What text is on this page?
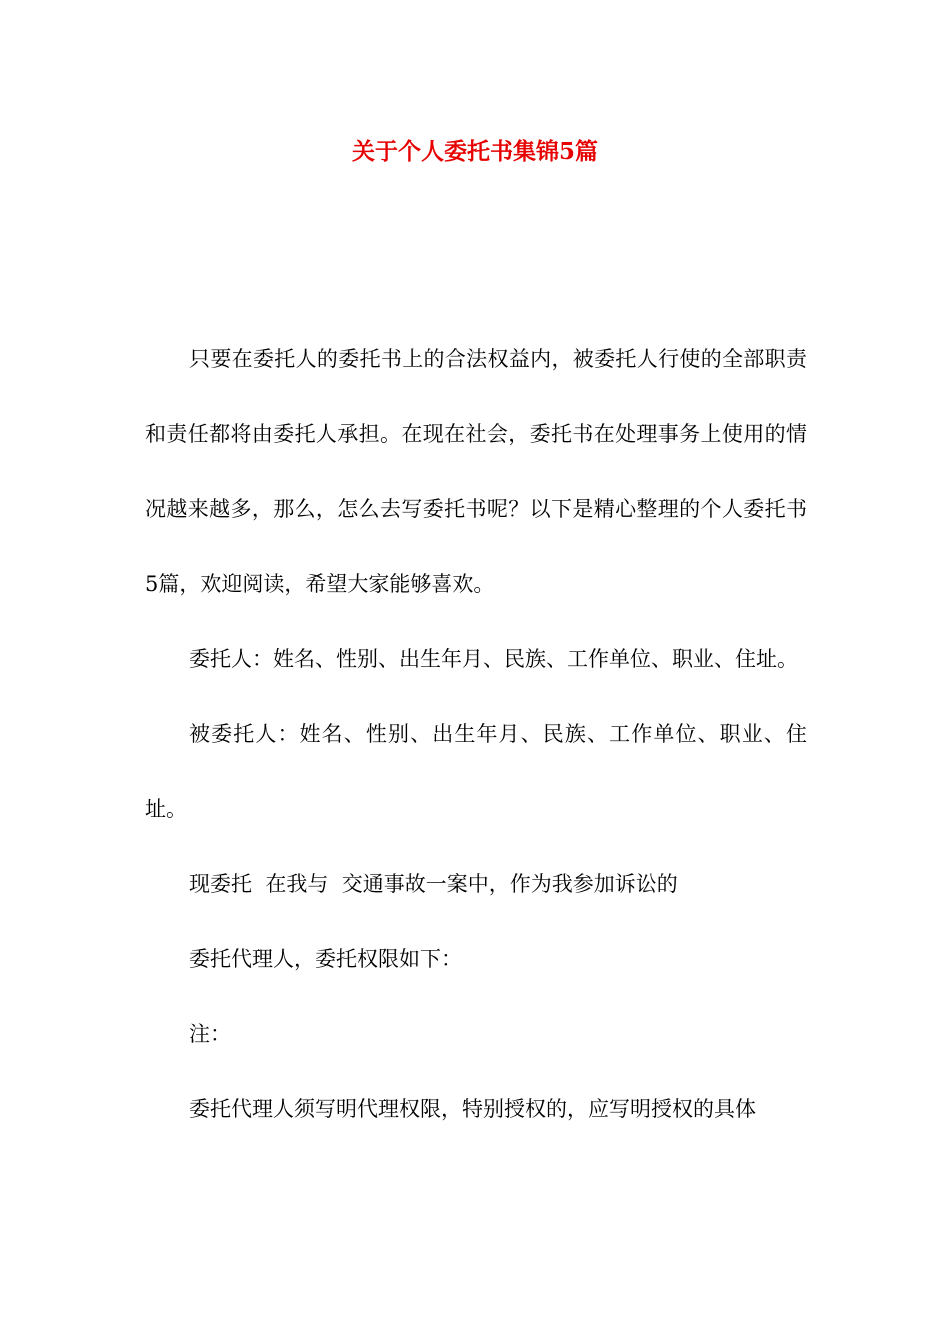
关于个人委托书集锦5篇

只要在委托人的委托书上的合法权益内，被委托人行使的全部职责和责任都将由委托人承担。在现在社会，委托书在处理事务上使用的情况越来越多，那么，怎么去写委托书呢？以下是精心整理的个人委托书5篇，欢迎阅读，希望大家能够喜欢。

委托人：姓名、性别、出生年月、民族、工作单位、职业、住址。

被委托人：姓名、性别、出生年月、民族、工作单位、职业、住址。

现委托  在我与  交通事故一案中，作为我参加诉讼的

委托代理人，委托权限如下：

注：

委托代理人须写明代理权限，特别授权的，应写明授权的具体
